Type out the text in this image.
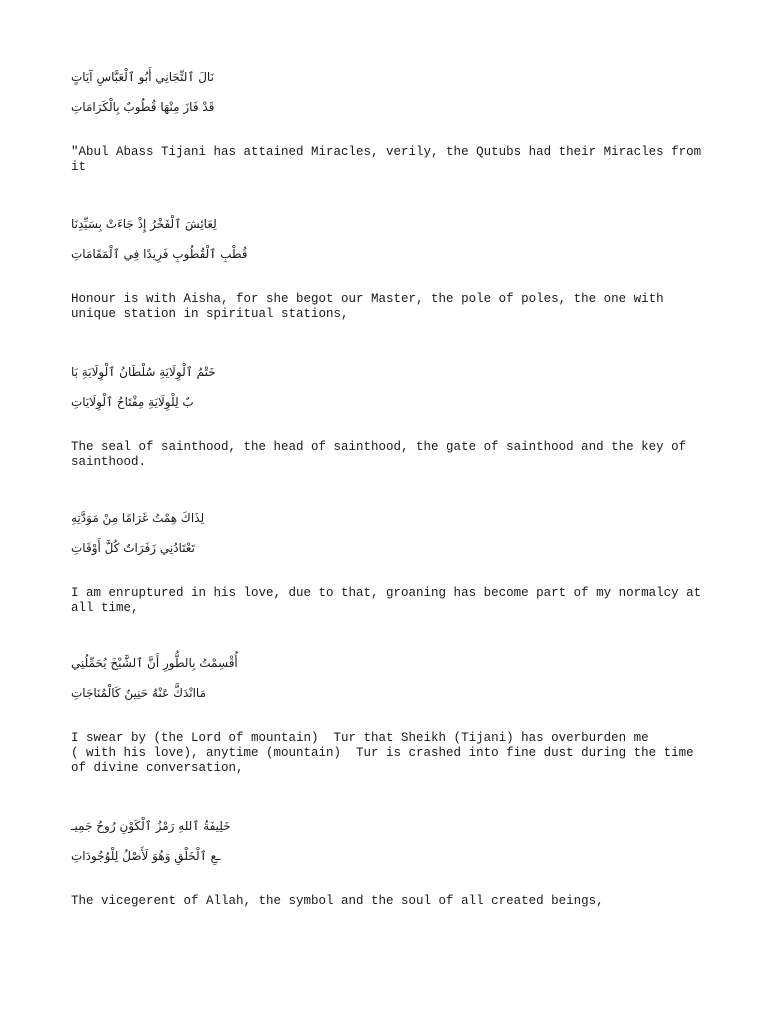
نَالَ ٱلتِّجَانِي أَبُو ٱلْعَبَّاسِ آيَاتٍ

قَدْ فَازَ مِنْهَا قُطُوبٌ بِالْكَرَامَاتِ

"Abul Abass Tijani has attained Miracles, verily, the Qutubs had their Miracles from it

لِعَائِشَ ٱلْفَخْرُ إِذْ جَاءَتْ بِسَيِّدِنَا

قُطْبِ ٱلْقُطُوبِ فَرِيدًا فِي ٱلْمَقَامَاتِ

Honour is with Aisha, for she begot our Master, the pole of poles, the one with unique station in spiritual stations,

خَتْمُ ٱلْوِلَايَةِ سُلْطَانُ ٱلْوِلَايَةِ بَا

بٌ لِلْوِلَايَةِ مِفْتَاحُ ٱلْوِلَايَاتِ

The seal of sainthood, the head of sainthood, the gate of sainthood and the key of sainthood.

لِذَاكَ هِمْتُ غَرَامًا مِنْ مَوَدَّتِهِ

تَعْتَادُنِي زَفَرَاتٌ كُلَّ أَوْقَاتِ

I am enruptured in his love, due to that, groaning has become part of my normalcy at all time,

أُقْسِمْتُ بِالطُّورِ أَنَّ ٱلشَّيْخَ يُحَمِّلُنِي

مَاانْدَكَّ عَنْهُ حَنِينٌ كَالْمُنَاجَاتِ

I swear by (the Lord of mountain)  Tur that Sheikh (Tijani) has overburden me
( with his love), anytime (mountain)  Tur is crashed into fine dust during the time of divine conversation,

خَلِيفَةُ ٱللهِ رَمْزُ ٱلْكَوْنِ رُوحُ جَمِيـ

ـعِ ٱلْخَلْقِ وَهُوَ لَأَصْلُ لِلْوُجُودَاتِ

The vicegerent of Allah, the symbol and the soul of all created beings,
